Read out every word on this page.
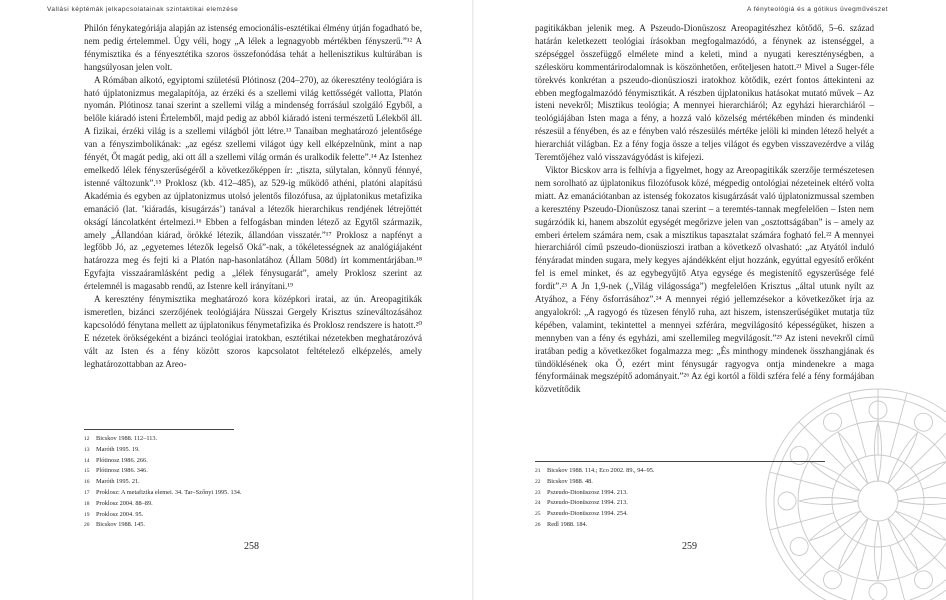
Vallási képtémák jelkapcsolatainak szintaktikai elemzése

Philón fénykategóriája alapján az istenség emocionális-esztétikai élmény útján fogadható be, nem pedig értelemmel. Úgy véli, hogy „A lélek a legnagyobb mértékben fényszerű.”¹² A fénymisztika és a fényesztétika szoros összefonódása tehát a hellenisztikus kultúrában is hangsúlyosan jelen volt.

A Rómában alkotó, egyiptomi születésű Plótinosz (204–270), az ókeresztény teológiára is ható újplatonizmus megalapítója, az érzéki és a szellemi világ kettősségét vallotta, Platón nyomán. Plótinosz tanai szerint a szellemi világ a mindenség forrásául szolgáló Egyből, a belőle kiáradó isteni Értelemből, majd pedig az abból kiáradó isteni természetű Lélekből áll. A fizikai, érzéki világ is a szellemi világból jött létre.¹³ Tanaiban meghatározó jelentősége van a fényszimbolikának: „az egész szellemi világot úgy kell elképzelnünk, mint a nap fényét, Őt magát pedig, aki ott áll a szellemi világ ormán és uralkodik felette”.¹⁴ Az Istenhez emelkedő lélek fényszerűségéről a következőképpen ír: „tiszta, súlytalan, könnyű fénnyé, istenné változunk”.¹⁵ Proklosz (kb. 412–485), az 529-ig működő athéni, platóni alapítású Akadémia és egyben az újplatonizmus utolsó jelentős filozófusa, az újplatonikus metafizika emanáció (lat. ’kiáradás, kisugárzás’) tanával a létezők hierarchikus rendjének létrejöttét okságí láncolatként értelmezi.¹⁶ Ebben a felfogásban minden létező az Egytől származik, amely „Állandóan kiárad, örökké létezik, állandóan visszatér.”¹⁷ Proklosz a napfényt a legfőbb Jó, az „egyetemes létezők legelső Oká”-nak, a tökéletességnek az analógiájaként határozza meg és fejti ki a Platón nap-hasonlatához (Állam 508d) írt kommentárjában.¹⁸ Egyfajta visszaáramlásként pedig a „lélek fénysugarát”, amely Proklosz szerint az értelemnél is magasabb rendű, az Istenre kell irányítani.¹⁹

A keresztény fénymisztika meghatározó kora középkori iratai, az ún. Areopagitikák ismeretlen, bizánci szerzőjének teológiájára Nüsszai Gergely Krisztus színeváltozásához kapcsolódó fénytana mellett az újplatonikus fénymetafizika és Proklosz rendszere is hatott.²⁰ E nézetek örökségeként a bizánci teológiai iratokban, esztétikai nézetekben meghatározóvá vált az Isten és a fény között szoros kapcsolatot feltételező elképzelés, amely leghatározottabban az Areo-

12 Bicskov 1988. 112–113.
13 Maróth 1995. 19.
14 Plótinosz 1986. 266.
15 Plótinosz 1986. 346.
16 Maróth 1995. 21.
17 Proklosz: A metafizika elemei. 34. Tar–Szőnyi 1995. 134.
18 Proklosz 2004. 88–89.
19 Proklosz 2004. 95.
20 Bicskov 1988. 145.
258
A fényteológiá és a gótikus üvegművészet

pagitikákban jelenik meg. A Pszeudo-Dionüszosz Areopagitészhez kötődő, 5–6. század határán keletkezett teológiai írásokban megfogalmazódó, a fénynek az istenséggel, a szépséggel összefüggő elmélete mind a keleti, mind a nyugati kereszténységben, a szélesköru kommentárirodalomnak is köszönhetően, erőteljesen hatott.²¹ Mivel a Suger-féle törekvés konkrétan a pszeudo-dionüszioszi iratokhoz kötődik, ezért fontos áttekinteni az ebben megfogalmazódó fénymisztikát. A részben újplatonikus hatásokat mutató művek – Az isteni nevekről; Misztikus teológia; A mennyei hierarchiáról; Az egyházi hierarchiáról – teológiájában Isten maga a fény, a hozzá való közelség mértékében minden és mindenki részesül a fényében, és az e fényben való részesülés mértéke jelöli ki minden létező helyét a hierarchiát világban. Ez a fény fogja össze a teljes világot és egyben visszavezérdve a világ Teremtőjéhez való visszavágyódást is kifejezi.

Viktor Bicskov arra is felhívja a figyelmet, hogy az Areopagitikák szerzője természetesen nem sorolható az újplatonikus filozófusok közé, mégpedig ontológiai nézeteinek eltérő volta miatt. Az emanációtanban az istenség fokozatos kisugárzását való újplatonizmussal szemben a keresztény Pszeudo-Dionüszosz tanai szerint – a teremtés-tannak megfelelően – Isten nem sugárzódik ki, hanem abszolút egységét megőrizve jelen van „osztottságában” is – amely az emberi értelem számára nem, csak a misztikus tapasztalat számára fogható fel.²² A mennyei hierarchiáról című pszeudo-dionüszioszi iratban a következő olvasható: „az Atyától induló fényáradat minden sugara, mely kegyes ajándékként eljut hozzánk, egyúttal egyesítő erőként fel is emel minket, és az egybegyűjtő Atya egysége és megistenítő egyszerűsége felé fordít”.²³ A Jn 1,9-nek („Világ világossága”) megfelelően Krisztus „által utunk nyílt az Atyához, a Fény ősforrásához”.²⁴ A mennyei régió jellemzésekor a következőket írja az angyalokról: „A ragyogó és tüzesen fénylő ruha, azt hiszem, istenszerűségüket mutatja tűz képében, valamint, tekintettel a mennyei szférára, megvilágosító képességüket, hiszen a mennyben van a fény és egyházi, ami szellemileg megvilágosít.”²⁵ Az isteni nevekről című iratában pedig a következőket fogalmazza meg: „És minthogy mindenek összhangjának és tündöklésének oka Ő, ezért mint fénysugár ragyogva ontja mindenekre a maga fényformáinak megszépítő adományait.”²⁶ Az égi kortól a földi szféra felé a fény formájában közvetítődik

21 Bicskov 1988. 114.; Eco 2002. 89., 94–95.
22 Bicskov 1988. 48.
23 Pszeudo-Dionüszosz 1994. 213.
24 Pszeudo-Dionüszosz 1994. 213.
25 Pszeudo-Dionüszosz 1994. 254.
26 Redl 1988. 184.
259
